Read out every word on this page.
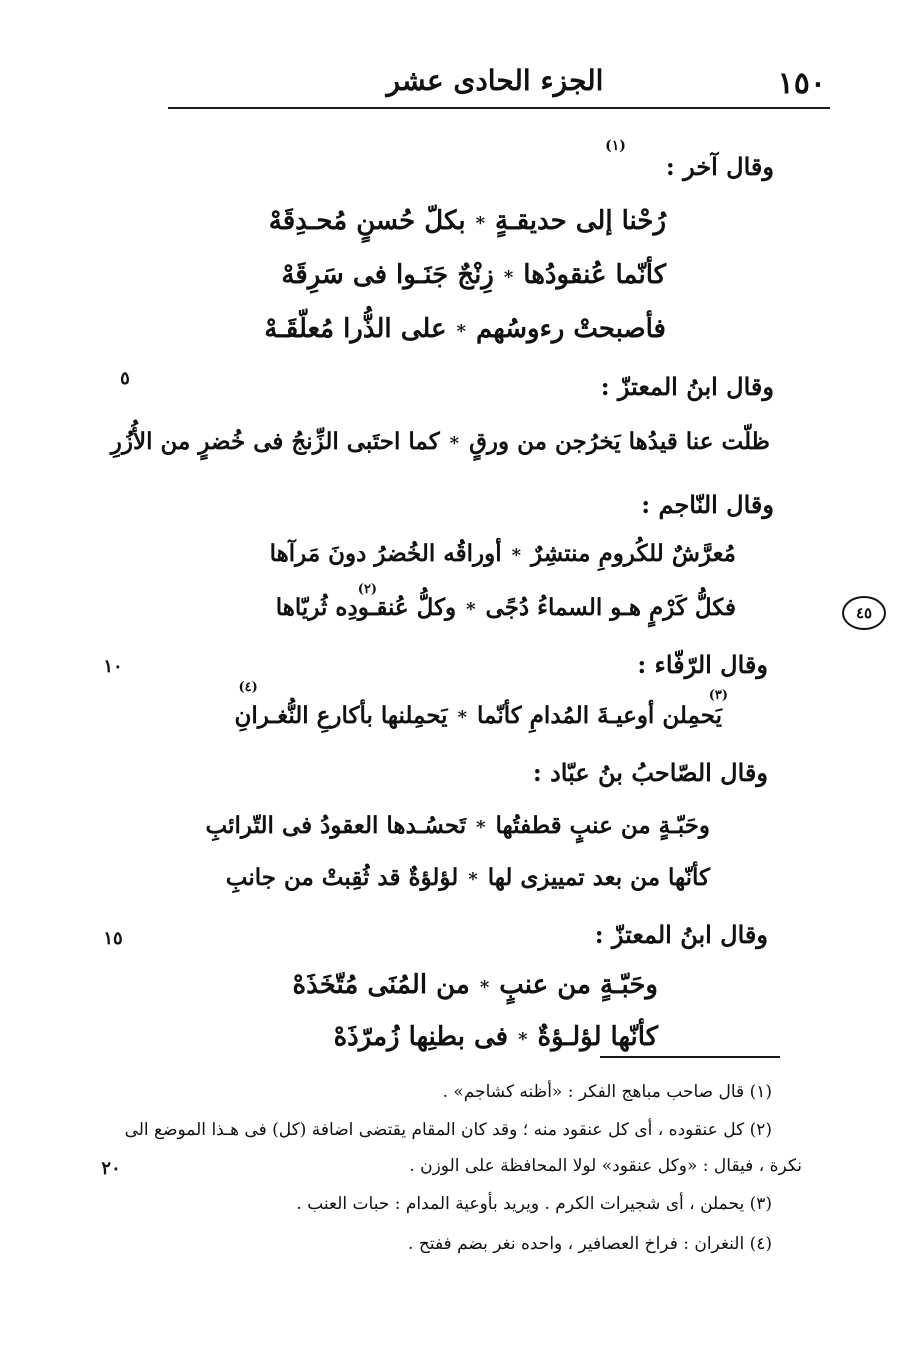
١٥٠
الجزء الحادى عشر
وقال آخر :$^{(١)}$
رُحْنا إلى حديقـةٍ
*
بكلّ حُسنٍ مُحـدِقَهْ
كأنّما عُنقودُها
*
زِنْجٌ جَنَـوا فى سَرِقَهْ
فأصبحتْ رءوسُهم
*
على الذُّرا مُعلّقَـهْ
وقال ابنُ المعتزّ :
ظلّت عنا قيدُها يَخرُجن من ورقٍ
*
كما احتَبى الزِّنجُ فى خُضرٍ من الأُزُرِ
وقال النّاجم :
مُعرَّشٌ للكُرومِ منتشِرٌ
*
أوراقُه الخُضرُ دونَ مَرآها
فكلُّ كَرْمٍ هـو السماءُ دُجًى
*
وكلُّ عُنقـودِه ثُريّاها
(٢)
وقال الرّفّاء :
يَحمِلن أوعيـةَ المُدامِ كأنّما
*
يَحمِلنها بأكارعِ النُّغـرانِ
$^{(٣)}$
(٤)
وقال الصّاحبُ بنُ عبّاد :
وحَبّـةٍ من عنبٍ قطفتُها
*
تَحسُـدها العقودُ فى التّرائبِ
كأنّها من بعد تمييزى لها
*
لؤلؤةٌ قد ثُقِبتْ من جانبِ
وقال ابنُ المعتزّ :
وحَبّـةٍ من عنبٍ
*
من المُنَى مُتّخَذَهْ
كأنّها لؤلـؤةٌ
*
فى بطنِها زُمرّذَهْ
٥
١٠
١٥
٢٠
٤٥
(١) قال صاحب مباهج الفكر : «أظنه كشاجم» .
(٢) كل عنقوده ، أى كل عنقود منه ؛ وقد كان المقام يقتضى اضافة (كل) فى هـذا الموضع الى
نكرة ، فيقال : «وكل عنقود» لولا المحافظة على الوزن .
(٣) يحملن ، أى شجيرات الكرم . ويريد بأوعية المدام : حبات العنب .
(٤) النغران : فراخ العصافير ، واحده نغر بضم ففتح .
